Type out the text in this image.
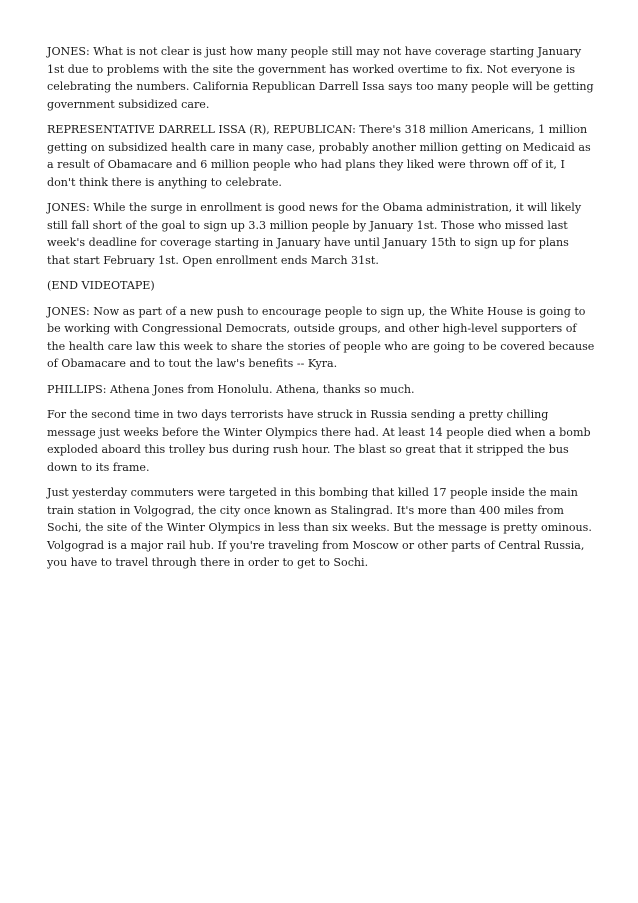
JONES: What is not clear is just how many people still may not have coverage starting January 1st due to problems with the site the government has worked overtime to fix. Not everyone is celebrating the numbers. California Republican Darrell Issa says too many people will be getting government subsidized care.

REPRESENTATIVE DARRELL ISSA (R), REPUBLICAN: There's 318 million Americans, 1 million getting on subsidized health care in many case, probably another million getting on Medicaid as a result of Obamacare and 6 million people who had plans they liked were thrown off of it, I don't think there is anything to celebrate.

JONES: While the surge in enrollment is good news for the Obama administration, it will likely still fall short of the goal to sign up 3.3 million people by January 1st. Those who missed last week's deadline for coverage starting in January have until January 15th to sign up for plans that start February 1st. Open enrollment ends March 31st.

(END VIDEOTAPE)

JONES: Now as part of a new push to encourage people to sign up, the White House is going to be working with Congressional Democrats, outside groups, and other high-level supporters of the health care law this week to share the stories of people who are going to be covered because of Obamacare and to tout the law's benefits -- Kyra.

PHILLIPS: Athena Jones from Honolulu. Athena, thanks so much.

For the second time in two days terrorists have struck in Russia sending a pretty chilling message just weeks before the Winter Olympics there had. At least 14 people died when a bomb exploded aboard this trolley bus during rush hour. The blast so great that it stripped the bus down to its frame.

Just yesterday commuters were targeted in this bombing that killed 17 people inside the main train station in Volgograd, the city once known as Stalingrad. It's more than 400 miles from Sochi, the site of the Winter Olympics in less than six weeks. But the message is pretty ominous. Volgograd is a major rail hub. If you're traveling from Moscow or other parts of Central Russia, you have to travel through there in order to get to Sochi.
